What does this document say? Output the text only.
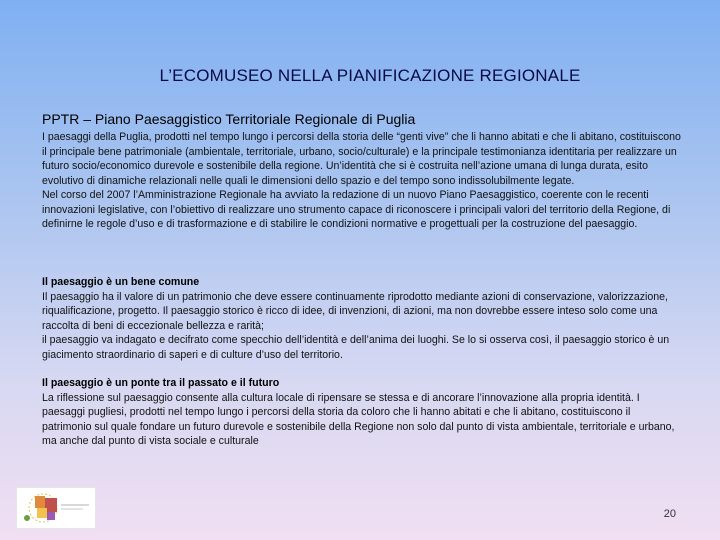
L’ECOMUSEO NELLA PIANIFICAZIONE REGIONALE
PPTR – Piano Paesaggistico Territoriale Regionale di Puglia

I paesaggi della Puglia, prodotti nel tempo lungo i percorsi della storia delle “genti vive” che li hanno abitati e che li abitano, costituiscono il principale bene patrimoniale (ambientale, territoriale, urbano, socio/culturale) e la principale testimonianza identitaria per realizzare un futuro socio/economico durevole e sostenibile della regione. Un’identità che si è costruita nell’azione umana di lunga durata, esito evolutivo di dinamiche relazionali nelle quali le dimensioni dello spazio e del tempo sono indissolubilmente legate.

Nel corso del 2007 l’Amministrazione Regionale ha avviato la redazione di un nuovo Piano Paesaggistico, coerente con le recenti innovazioni legislative, con l’obiettivo di realizzare uno strumento capace di riconoscere i principali valori del territorio della Regione, di definirne le regole d’uso e di trasformazione e di stabilire le condizioni normative e progettuali per la costruzione del paesaggio.

Il paesaggio è un bene comune

Il paesaggio ha il valore di un patrimonio che deve essere continuamente riprodotto mediante azioni di conservazione, valorizzazione, riqualificazione, progetto. Il paesaggio storico è ricco di idee, di invenzioni, di azioni, ma non dovrebbe essere inteso solo come una raccolta di beni di eccezionale bellezza e rarità;

il paesaggio va indagato e decifrato come specchio dell’identità e dell’anima dei luoghi. Se lo si osserva così, il paesaggio storico è un giacimento straordinario di saperi e di culture d’uso del territorio.

Il paesaggio è un ponte tra il passato e il futuro

La riflessione sul paesaggio consente alla cultura locale di ripensare se stessa e di ancorare l’innovazione alla propria identità. I paesaggi pugliesi, prodotti nel tempo lungo i percorsi della storia da coloro che li hanno abitati e che li abitano, costituiscono il patrimonio sul quale fondare un futuro durevole e sostenibile della Regione non solo dal punto di vista ambientale, territoriale e urbano, ma anche dal punto di vista sociale e culturale

20
